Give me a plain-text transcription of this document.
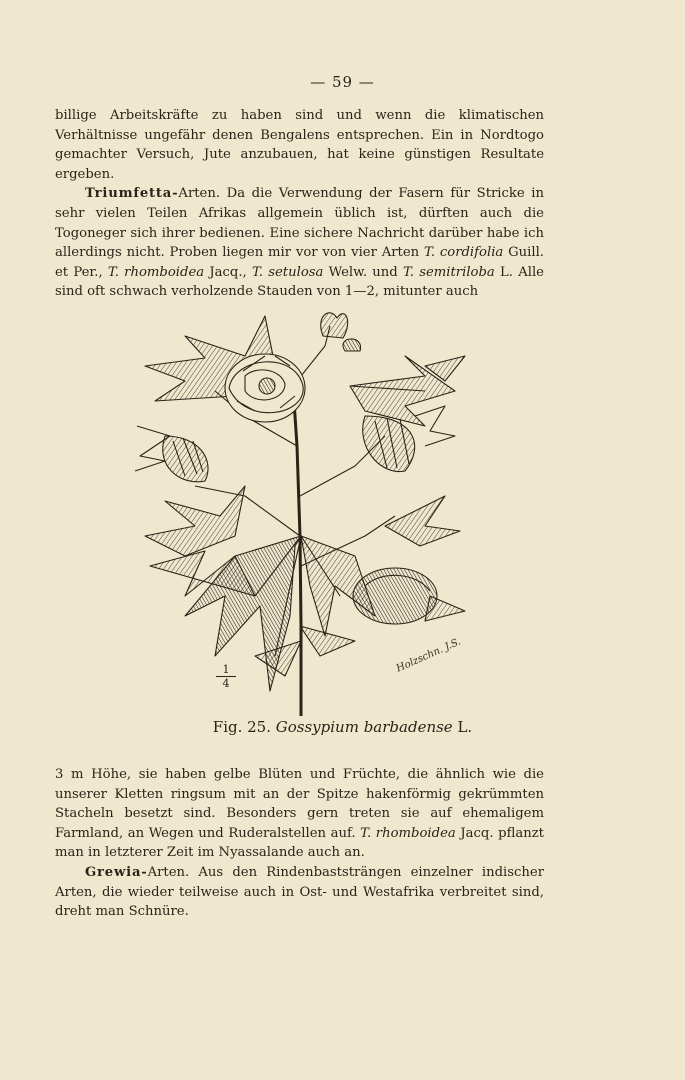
— 59 —

billige Arbeitskräfte zu haben sind und wenn die klimatischen Verhältnisse ungefähr denen Bengalens entsprechen. Ein in Nordtogo gemachter Versuch, Jute anzubauen, hat keine günstigen Resultate ergeben.

Triumfetta-Arten. Da die Verwendung der Fasern für Stricke in sehr vielen Teilen Afrikas allgemein üblich ist, dürften auch die Togoneger sich ihrer bedienen. Eine sichere Nachricht darüber habe ich allerdings nicht. Proben liegen mir vor von vier Arten T. cordifolia Guill. et Per., T. rhomboidea Jacq., T. setulosa Welw. und T. semitriloba L. Alle sind oft schwach verholzende Stauden von 1—2, mitunter auch

1
4
Holzschn. J.S.
Fig. 25. Gossypium barbadense L.

3 m Höhe, sie haben gelbe Blüten und Früchte, die ähnlich wie die unserer Kletten ringsum mit an der Spitze hakenförmig gekrümmten Stacheln besetzt sind. Besonders gern treten sie auf ehemaligem Farmland, an Wegen und Ruderalstellen auf. T. rhomboidea Jacq. pflanzt man in letzterer Zeit im Nyassalande auch an.

Grewia-Arten. Aus den Rindenbaststrängen einzelner indischer Arten, die wieder teilweise auch in Ost- und Westafrika verbreitet sind, dreht man Schnüre.
